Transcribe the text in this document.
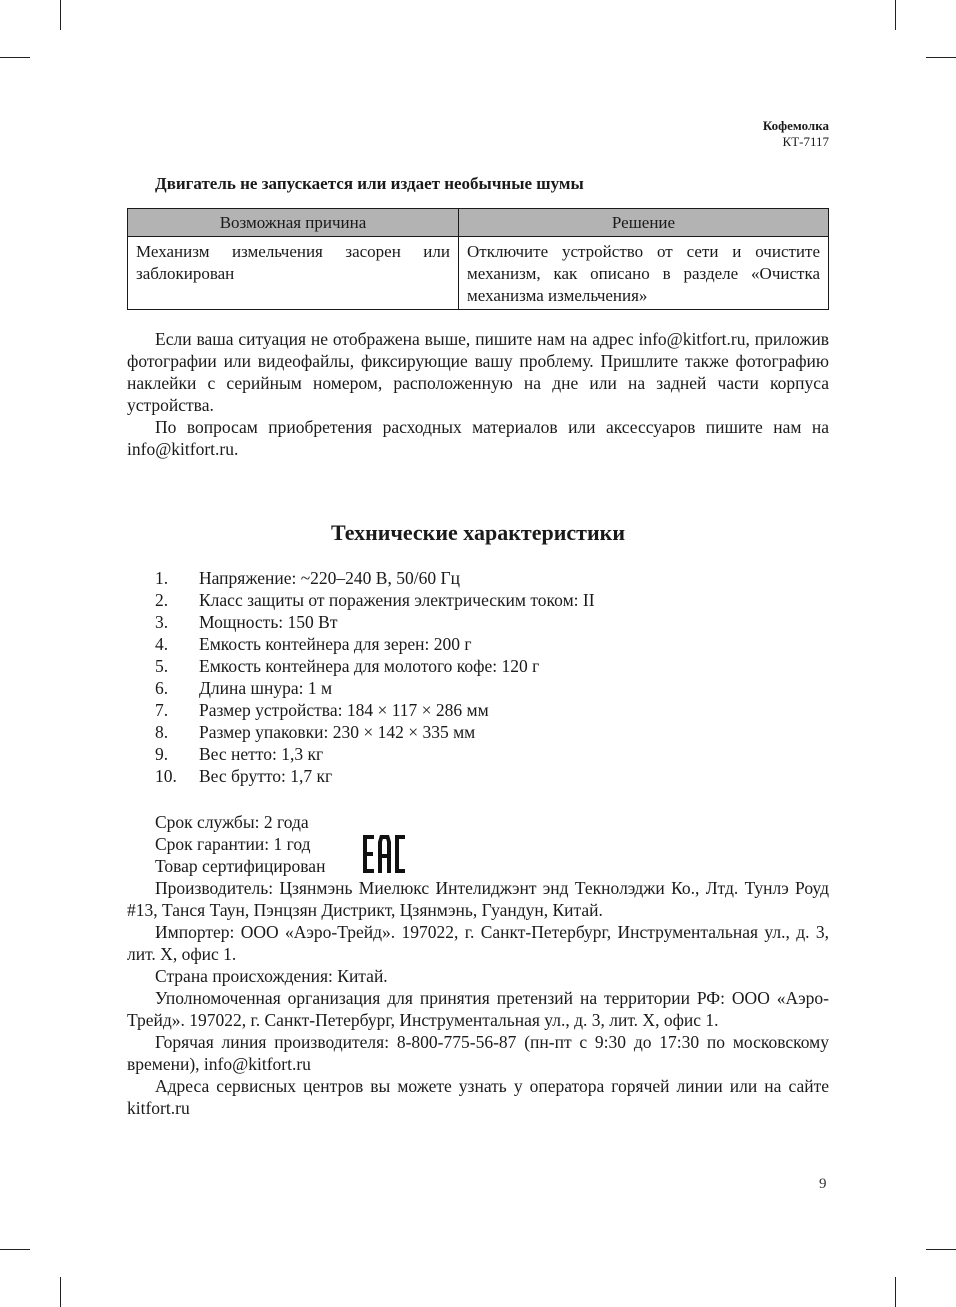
Кофемолка
КТ-7117
Двигатель не запускается или издает необычные шумы
Возможная причина	Решение
Механизм измельчения засорен или заблокирован	Отключите устройство от сети и очистите механизм, как описано в разделе «Очистка механизма измельчения»

Если ваша ситуация не отображена выше, пишите нам на адрес info@kitfort.ru, приложив фотографии или видеофайлы, фиксирующие вашу проблему. Пришлите также фотографию наклейки с серийным номером, расположенную на дне или на задней части корпуса устройства.

По вопросам приобретения расходных материалов или аксессуаров пишите нам на info@kitfort.ru.

Технические характеристики
1.	Напряжение: ~220–240 В, 50/60 Гц
2.	Класс защиты от поражения электрическим током: II
3.	Мощность: 150 Вт
4.	Емкость контейнера для зерен: 200 г
5.	Емкость контейнера для молотого кофе: 120 г
6.	Длина шнура: 1 м
7.	Размер устройства: 184 × 117 × 286 мм
8.	Размер упаковки: 230 × 142 × 335 мм
9.	Вес нетто: 1,3 кг
10.	Вес брутто: 1,7 кг
Срок службы: 2 года
Срок гарантии: 1 год
Товар сертифицирован

Производитель: Цзянмэнь Миелюкс Интелиджэнт энд Текнолэджи Ко., Лтд. Тунлэ Роуд #13, Танся Таун, Пэнцзян Дистрикт, Цзянмэнь, Гуандун, Китай.

Импортер: ООО «Аэро-Трейд». 197022, г. Санкт-Петербург, Инструментальная ул., д. 3, лит. Х, офис 1.

Страна происхождения: Китай.

Уполномоченная организация для принятия претензий на территории РФ: ООО «Аэро-Трейд». 197022, г. Санкт-Петербург, Инструментальная ул., д. 3, лит. Х, офис 1.

Горячая линия производителя: 8-800-775-56-87 (пн-пт с 9:30 до 17:30 по московскому времени), info@kitfort.ru

Адреса сервисных центров вы можете узнать у оператора горячей линии или на сайте kitfort.ru

9
